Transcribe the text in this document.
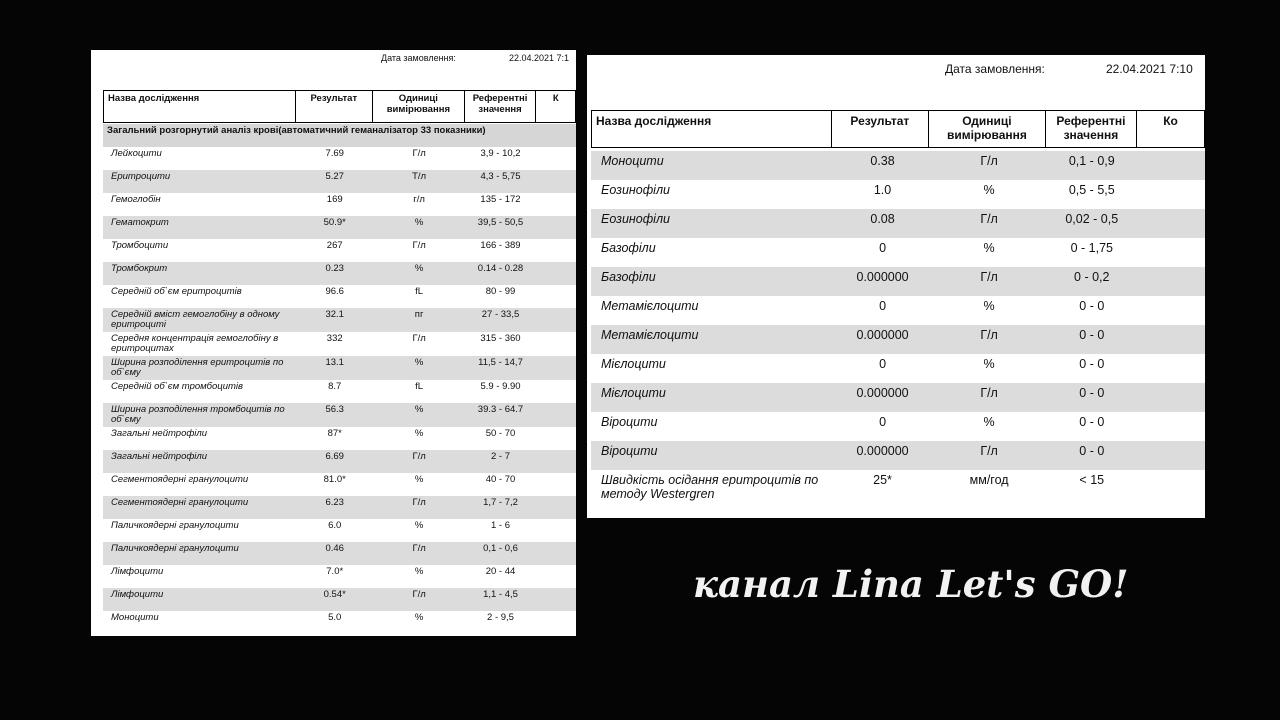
Дата замовлення:	22.04.2021 7:1
Назва дослідження	Результат	Одиниці вимірювання	Референтні значення	К
Загальний розгорнутий аналіз крові(автоматичний геманалізатор 33 показники)				
Лейкоцити	7.69	Г/л	3,9 - 10,2	
Еритроцити	5.27	Т/л	4,3 - 5,75	
Гемоглобін	169	г/л	135 - 172	
Гематокрит	50.9*	%	39,5 - 50,5	
Тромбоцити	267	Г/л	166 - 389	
Тромбокрит	0.23	%	0.14 - 0.28	
Середній об`єм еритроцитів	96.6	fL	80 - 99	
Середній вміст гемоглобіну в одному еритроциті	32.1	пг	27 - 33,5	
Середня концентрація гемоглобіну в еритроцитах	332	Г/л	315 - 360	
Ширина розподілення еритроцитів по об`єму	13.1	%	11,5 - 14,7	
Середній об`єм тромбоцитів	8.7	fL	5.9 - 9.90	
Ширина розподілення тромбоцитів по об`єму	56.3	%	39.3 - 64.7	
Загальні нейтрофіли	87*	%	50 - 70	
Загальні нейтрофіли	6.69	Г/л	2 - 7	
Сегментоядерні гранулоцити	81.0*	%	40 - 70	
Сегментоядерні гранулоцити	6.23	Г/л	1,7 - 7,2	
Паличкоядерні гранулоцити	6.0	%	1 - 6	
Паличкоядерні гранулоцити	0.46	Г/л	0,1 - 0,6	
Лімфоцити	7.0*	%	20 - 44	
Лімфоцити	0.54*	Г/л	1,1 - 4,5	
Моноцити	5.0	%	2 - 9,5	
Дата замовлення:	22.04.2021 7:10
Назва дослідження	Результат	Одиниці вимірювання	Референтні значення	Ко
Моноцити	0.38	Г/л	0,1 - 0,9	
Еозинофіли	1.0	%	0,5 - 5,5	
Еозинофіли	0.08	Г/л	0,02 - 0,5	
Базофіли	0	%	0 - 1,75	
Базофіли	0.000000	Г/л	0 - 0,2	
Метамієлоцити	0	%	0 - 0	
Метамієлоцити	0.000000	Г/л	0 - 0	
Мієлоцити	0	%	0 - 0	
Мієлоцити	0.000000	Г/л	0 - 0	
Віроцити	0	%	0 - 0	
Віроцити	0.000000	Г/л	0 - 0	
Швидкість осідання еритроцитів по методу Westergren	25*	мм/год	< 15	
канал Lina Let's GO!
